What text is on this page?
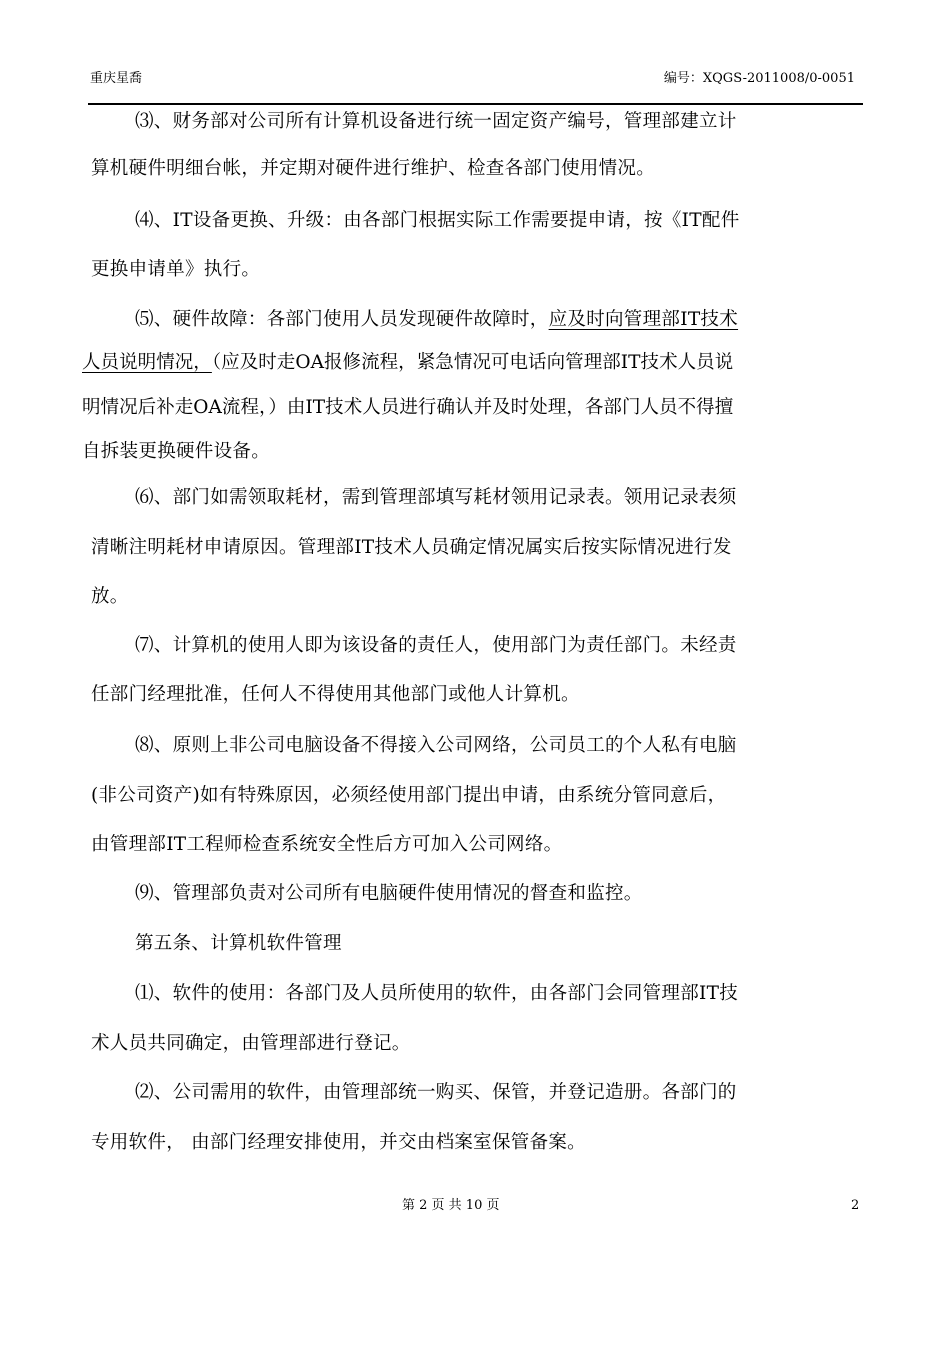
重庆星喬	编号：XQGS-2011008/0-0051
⑶、财务部对公司所有计算机设备进行统一固定资产编号，管理部建立计
算机硬件明细台帐，并定期对硬件进行维护、检查各部门使用情况。
⑷、IT设备更换、升级：由各部门根据实际工作需要提申请，按《IT配件
更换申请单》执行。
⑸、硬件故障：各部门使用人员发现硬件故障时，应及时向管理部IT技术
人员说明情况，（应及时走OA报修流程，紧急情况可电话向管理部IT技术人员说
明情况后补走OA流程，）由IT技术人员进行确认并及时处理，各部门人员不得擅
自拆装更换硬件设备。
⑹、部门如需领取耗材，需到管理部填写耗材领用记录表。领用记录表须
清晰注明耗材申请原因。管理部IT技术人员确定情况属实后按实际情况进行发
放。
⑺、计算机的使用人即为该设备的责任人，使用部门为责任部门。未经责
任部门经理批准，任何人不得使用其他部门或他人计算机。
⑻、原则上非公司电脑设备不得接入公司网络，公司员工的个人私有电脑
(非公司资产)如有特殊原因，必须经使用部门提出申请，由系统分管同意后，
由管理部IT工程师检查系统安全性后方可加入公司网络。
⑼、管理部负责对公司所有电脑硬件使用情况的督查和监控。
第五条、计算机软件管理
⑴、软件的使用：各部门及人员所使用的软件，由各部门会同管理部IT技
术人员共同确定，由管理部进行登记。
⑵、公司需用的软件，由管理部统一购买、保管，并登记造册。各部门的
专用软件， 由部门经理安排使用，并交由档案室保管备案。
第 2 页 共 10 页	2
